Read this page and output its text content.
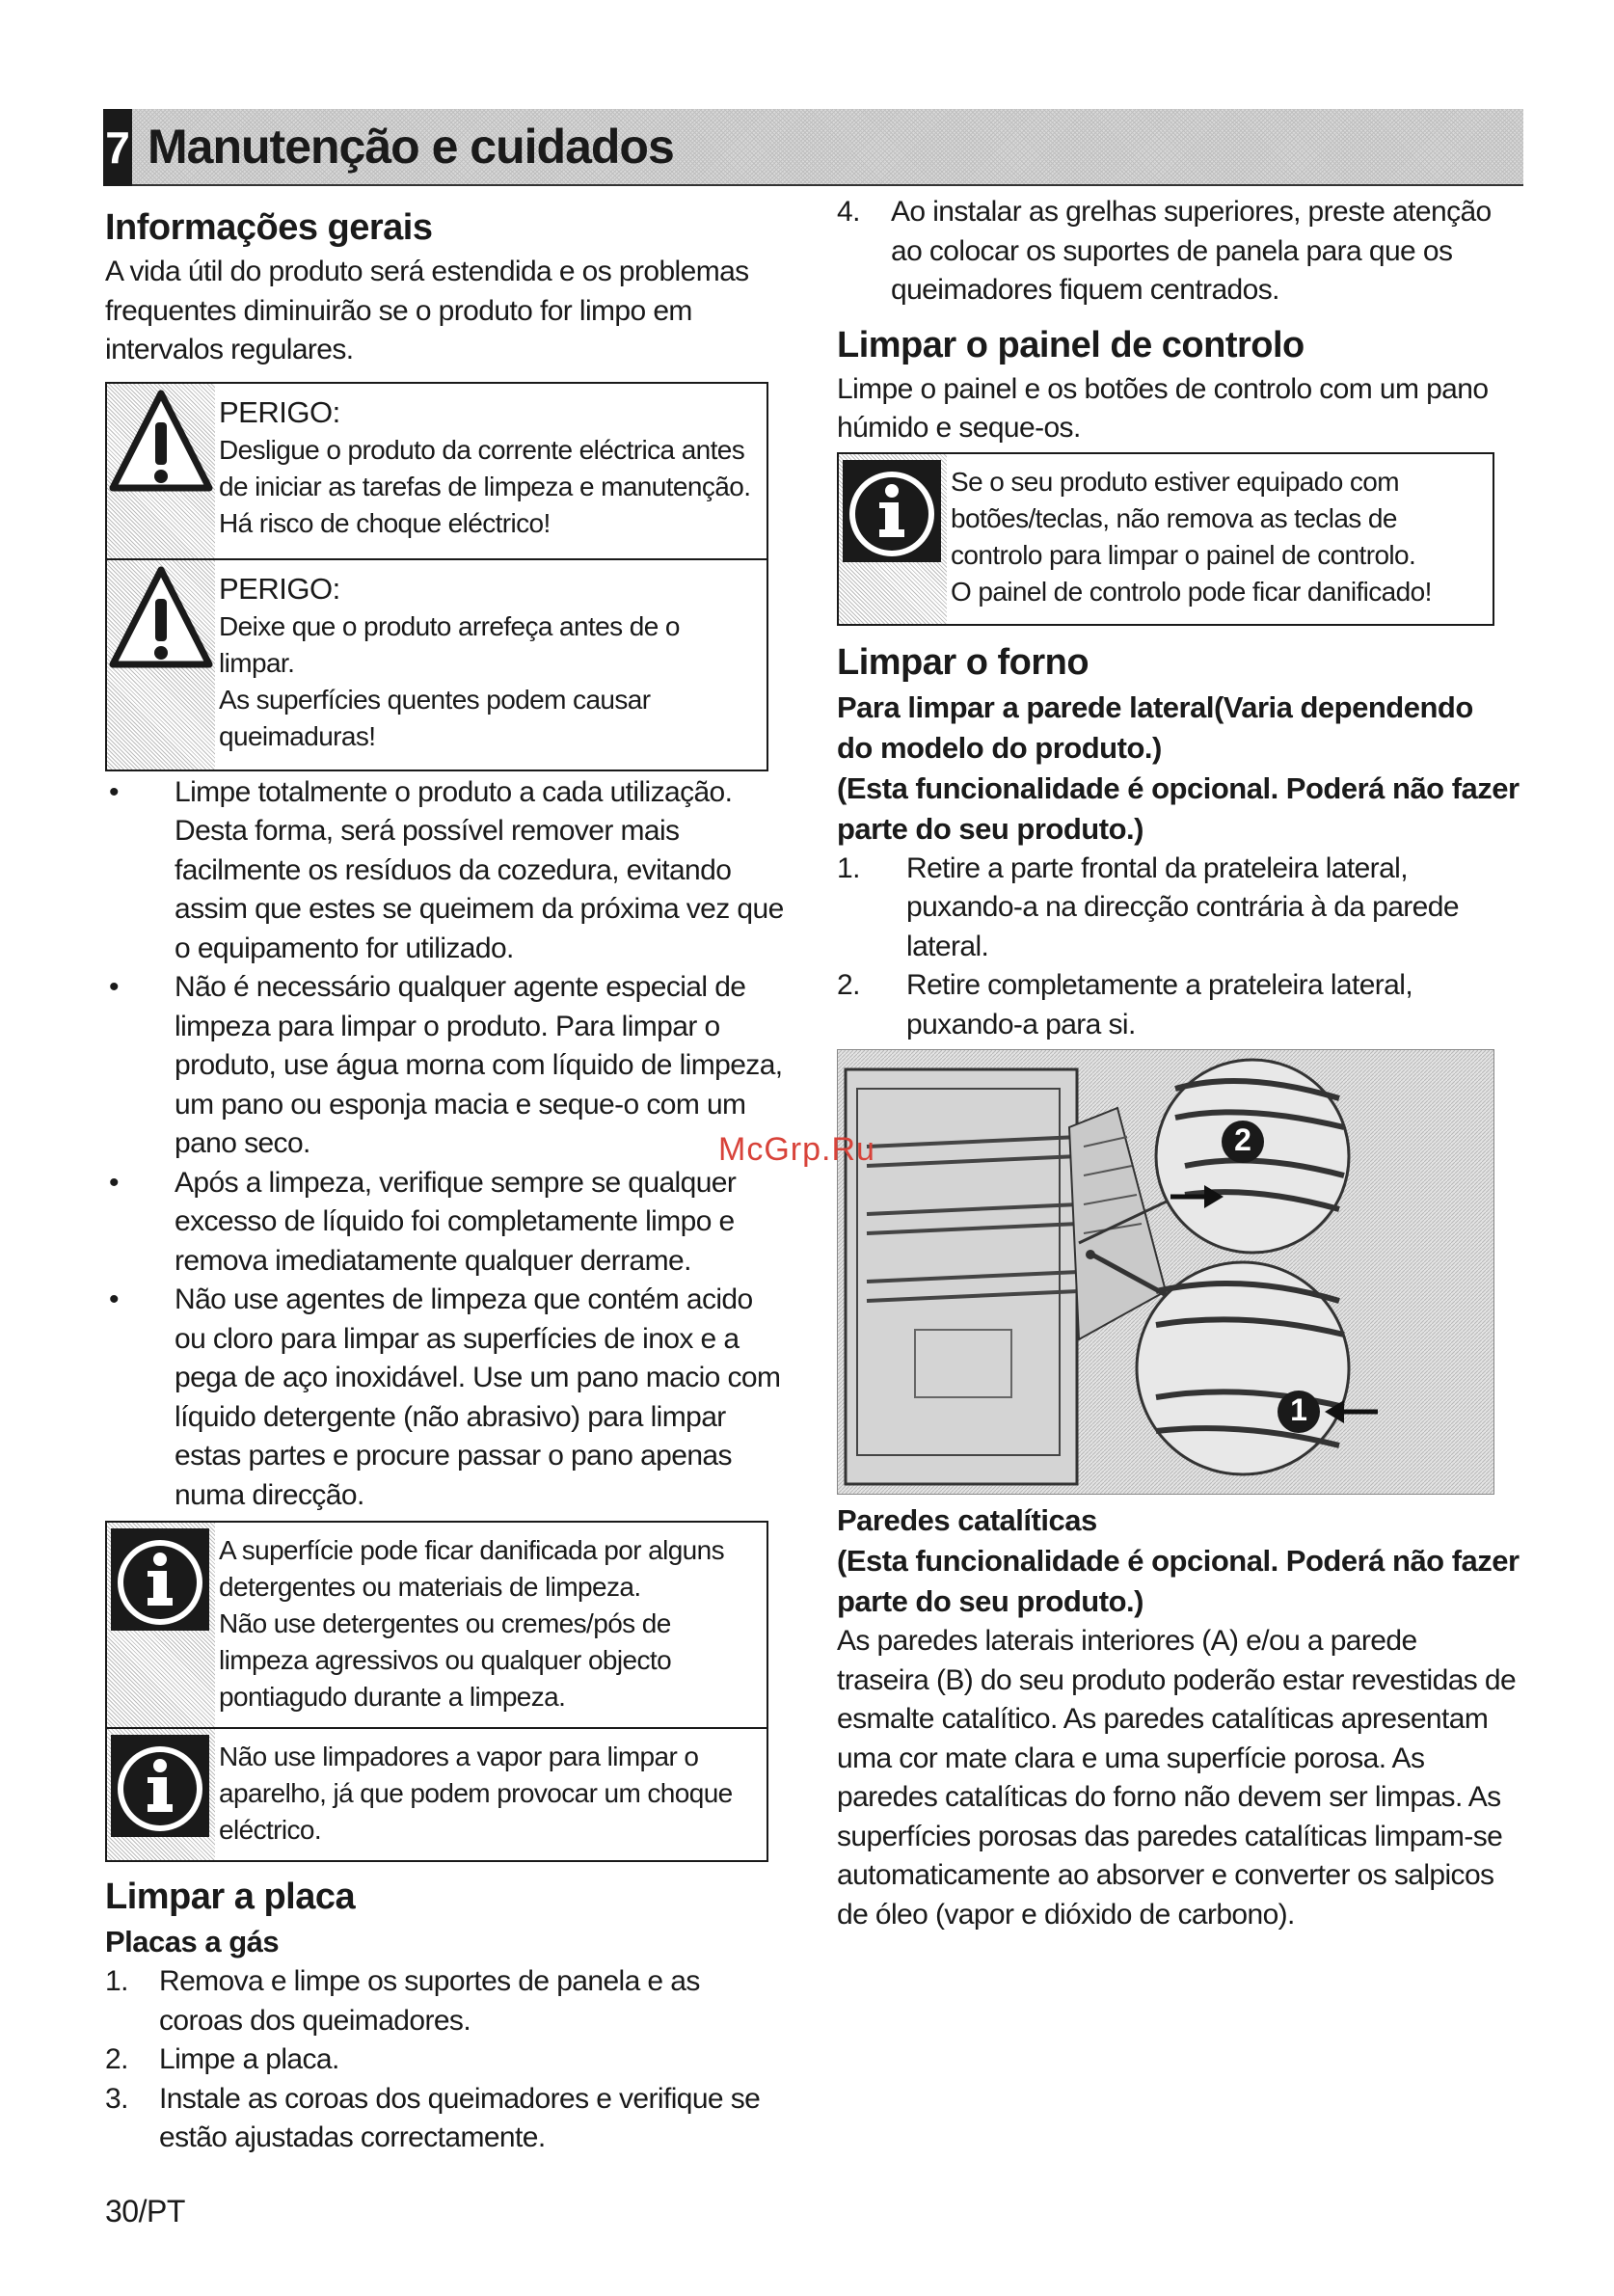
7 Manutenção e cuidados
Informações gerais

A vida útil do produto será estendida e os problemas
frequentes diminuirão se o produto for limpo em
intervalos regulares.

PERIGO:
Desligue o produto da corrente eléctrica antes
de iniciar as tarefas de limpeza e manutenção.
Há risco de choque eléctrico!
PERIGO:
Deixe que o produto arrefeça antes de o
limpar.
As superfícies quentes podem causar
queimaduras!
• Limpe totalmente o produto a cada utilização.
Desta forma, será possível remover mais
facilmente os resíduos da cozedura, evitando
assim que estes se queimem da próxima vez que
o equipamento for utilizado.
• Não é necessário qualquer agente especial de
limpeza para limpar o produto. Para limpar o
produto, use água morna com líquido de limpeza,
um pano ou esponja macia e seque-o com um
pano seco.
• Após a limpeza, verifique sempre se qualquer
excesso de líquido foi completamente limpo e
remova imediatamente qualquer derrame.
• Não use agentes de limpeza que contém acido
ou cloro para limpar as superfícies de inox e a
pega de aço inoxidável. Use um pano macio com
líquido detergente (não abrasivo) para limpar
estas partes e procure passar o pano apenas
numa direcção.
A superfície pode ficar danificada por alguns
detergentes ou materiais de limpeza.
Não use detergentes ou cremes/pós de
limpeza agressivos ou qualquer objecto
pontiagudo durante a limpeza.
Não use limpadores a vapor para limpar o
aparelho, já que podem provocar um choque
eléctrico.
Limpar a placa
Placas a gás
1. Remova e limpe os suportes de panela e as
coroas dos queimadores.
2. Limpe a placa.
3. Instale as coroas dos queimadores e verifique se
estão ajustadas correctamente.
4. Ao instalar as grelhas superiores, preste atenção
ao colocar os suportes de panela para que os
queimadores fiquem centrados.
Limpar o painel de controlo

Limpe o painel e os botões de controlo com um pano
húmido e seque-os.

Se o seu produto estiver equipado com
botões/teclas, não remova as teclas de
controlo para limpar o painel de controlo.
O painel de controlo pode ficar danificado!
Limpar o forno
Para limpar a parede lateral(Varia dependendo
do modelo do produto.)
(Esta funcionalidade é opcional. Poderá não fazer
parte do seu produto.)
1. Retire a parte frontal da prateleira lateral,
puxando-a na direcção contrária à da parede
lateral.
2. Retire completamente a prateleira lateral,
puxando-a para si.
2
1
Paredes catalíticas
(Esta funcionalidade é opcional. Poderá não fazer
parte do seu produto.)

As paredes laterais interiores (A) e/ou a parede
traseira (B) do seu produto poderão estar revestidas de
esmalte catalítico. As paredes catalíticas apresentam
uma cor mate clara e uma superfície porosa. As
paredes catalíticas do forno não devem ser limpas. As
superfícies porosas das paredes catalíticas limpam-se
automaticamente ao absorver e converter os salpicos
de óleo (vapor e dióxido de carbono).

McGrp.Ru
30/PT
